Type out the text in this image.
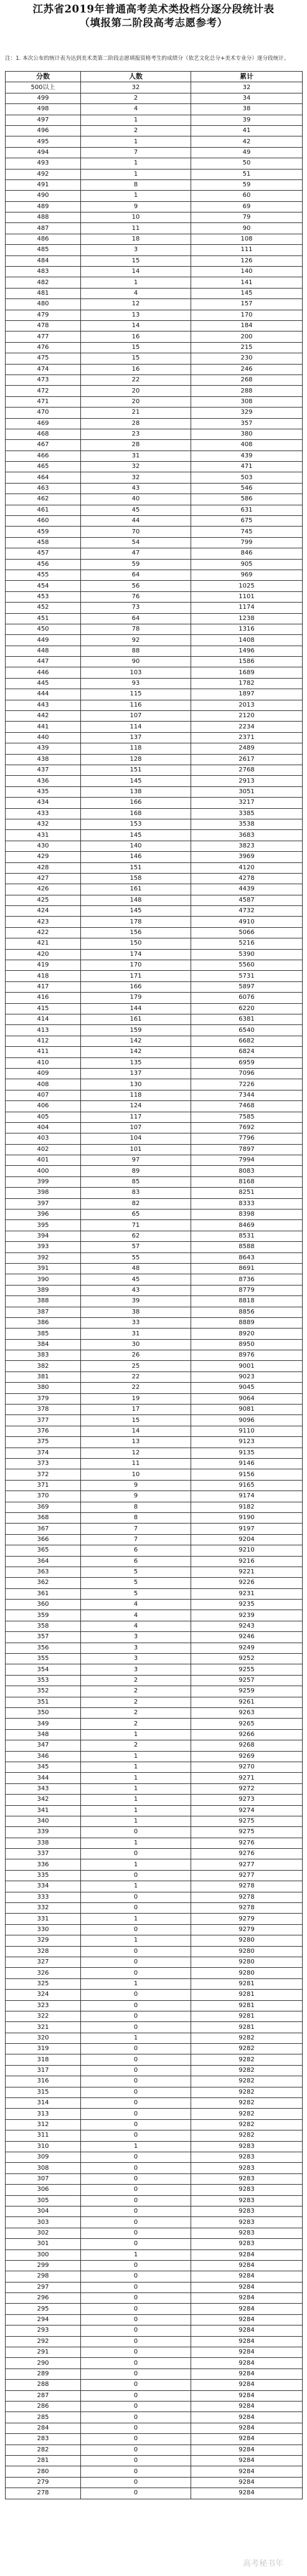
江苏省2019年普通高考美术类投档分逐分段统计表
（填报第二阶段高考志愿参考）
注：1. 本次公布的统计表为达到美术类第二阶段志愿填报资格考生的成绩分（依艺文化总分+美术专业分）逐分段统计。
分数	人数	累计
500以上	32	32
499	2	34
498	4	38
497	1	39
496	2	41
495	1	42
494	7	49
493	1	50
492	1	51
491	8	59
490	1	60
489	9	69
488	10	79
487	11	90
486	18	108
485	3	111
484	15	126
483	14	140
482	1	141
481	4	145
480	12	157
479	13	170
478	14	184
477	16	200
476	15	215
475	15	230
474	16	246
473	22	268
472	20	288
471	20	308
470	21	329
469	28	357
468	23	380
467	28	408
466	31	439
465	32	471
464	32	503
463	43	546
462	40	586
461	45	631
460	44	675
459	70	745
458	54	799
457	47	846
456	59	905
455	64	969
454	56	1025
453	76	1101
452	73	1174
451	64	1238
450	78	1316
449	92	1408
448	88	1496
447	90	1586
446	103	1689
445	93	1782
444	115	1897
443	116	2013
442	107	2120
441	114	2234
440	137	2371
439	118	2489
438	128	2617
437	151	2768
436	145	2913
435	138	3051
434	166	3217
433	168	3385
432	153	3538
431	145	3683
430	140	3823
429	146	3969
428	151	4120
427	158	4278
426	161	4439
425	148	4587
424	145	4732
423	178	4910
422	156	5066
421	150	5216
420	174	5390
419	170	5560
418	171	5731
417	166	5897
416	179	6076
415	144	6220
414	161	6381
413	159	6540
412	142	6682
411	142	6824
410	135	6959
409	137	7096
408	130	7226
407	118	7344
406	124	7468
405	117	7585
404	107	7692
403	104	7796
402	101	7897
401	97	7994
400	89	8083
399	85	8168
398	83	8251
397	82	8333
396	65	8398
395	71	8469
394	62	8531
393	57	8588
392	55	8643
391	48	8691
390	45	8736
389	43	8779
388	39	8818
387	38	8856
386	33	8889
385	31	8920
384	30	8950
383	26	8976
382	25	9001
381	22	9023
380	22	9045
379	19	9064
378	17	9081
377	15	9096
376	14	9110
375	13	9123
374	12	9135
373	11	9146
372	10	9156
371	9	9165
370	9	9174
369	8	9182
368	8	9190
367	7	9197
366	7	9204
365	6	9210
364	6	9216
363	5	9221
362	5	9226
361	5	9231
360	4	9235
359	4	9239
358	4	9243
357	3	9246
356	3	9249
355	3	9252
354	3	9255
353	2	9257
352	2	9259
351	2	9261
350	2	9263
349	2	9265
348	1	9266
347	2	9268
346	1	9269
345	1	9270
344	1	9271
343	1	9272
342	1	9273
341	1	9274
340	1	9275
339	0	9275
338	1	9276
337	0	9276
336	1	9277
335	0	9277
334	1	9278
333	0	9278
332	0	9278
331	1	9279
330	0	9279
329	1	9280
328	0	9280
327	0	9280
326	0	9280
325	1	9281
324	0	9281
323	0	9281
322	0	9281
321	0	9281
320	1	9282
319	0	9282
318	0	9282
317	0	9282
316	0	9282
315	0	9282
314	0	9282
313	0	9282
312	0	9282
311	0	9282
310	1	9283
309	0	9283
308	0	9283
307	0	9283
306	0	9283
305	0	9283
304	0	9283
303	0	9283
302	0	9283
301	0	9283
300	1	9284
299	0	9284
298	0	9284
297	0	9284
296	0	9284
295	0	9284
294	0	9284
293	0	9284
292	0	9284
291	0	9284
290	0	9284
289	0	9284
288	0	9284
287	0	9284
286	0	9284
285	0	9284
284	0	9284
283	0	9284
282	0	9284
281	0	9284
280	0	9284
279	0	9284
278	0	9284
高考秘书年
